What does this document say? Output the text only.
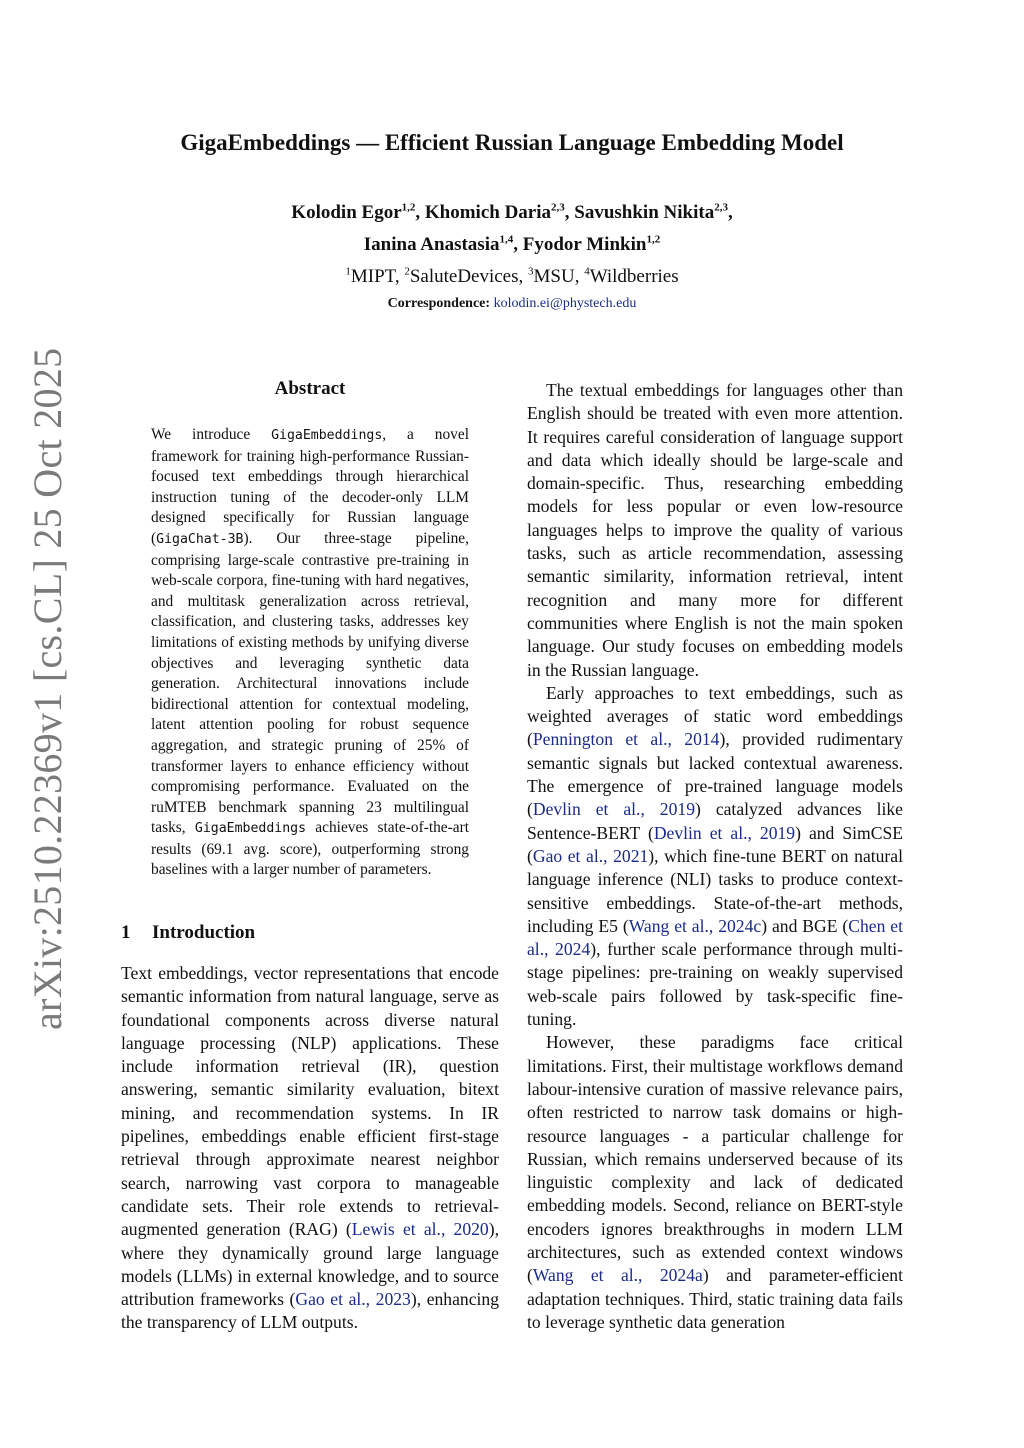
arXiv:2510.22369v1 [cs.CL] 25 Oct 2025
GigaEmbeddings — Efficient Russian Language Embedding Model
Kolodin Egor$^{1,2}$, Khomich Daria$^{2,3}$, Savushkin Nikita$^{2,3}$,
Ianina Anastasia$^{1,4}$, Fyodor Minkin$^{1,2}$
$^1$MIPT, $^2$SaluteDevices, $^3$MSU, $^4$Wildberries
Correspondence: kolodin.ei@phystech.edu
Abstract
We introduce GigaEmbeddings, a novel framework for training high-performance Russian-focused text embeddings through hierarchical instruction tuning of the decoder-only LLM designed specifically for Russian language (GigaChat-3B). Our three-stage pipeline, comprising large-scale contrastive pre-training in web-scale corpora, fine-tuning with hard negatives, and multitask generalization across retrieval, classification, and clustering tasks, addresses key limitations of existing methods by unifying diverse objectives and leveraging synthetic data generation. Architectural innovations include bidirectional attention for contextual modeling, latent attention pooling for robust sequence aggregation, and strategic pruning of 25% of transformer layers to enhance efficiency without compromising performance. Evaluated on the ruMTEB benchmark spanning 23 multilingual tasks, GigaEmbeddings achieves state-of-the-art results (69.1 avg. score), outperforming strong baselines with a larger number of parameters.
1 Introduction

Text embeddings, vector representations that encode semantic information from natural language, serve as foundational components across diverse natural language processing (NLP) applications. These include information retrieval (IR), question answering, semantic similarity evaluation, bitext mining, and recommendation systems. In IR pipelines, embeddings enable efficient first-stage retrieval through approximate nearest neighbor search, narrowing vast corpora to manageable candidate sets. Their role extends to retrieval-augmented generation (RAG) (Lewis et al., 2020), where they dynamically ground large language models (LLMs) in external knowledge, and to source attribution frameworks (Gao et al., 2023), enhancing the transparency of LLM outputs.

The textual embeddings for languages other than English should be treated with even more attention. It requires careful consideration of language support and data which ideally should be large-scale and domain-specific. Thus, researching embedding models for less popular or even low-resource languages helps to improve the quality of various tasks, such as article recommendation, assessing semantic similarity, information retrieval, intent recognition and many more for different communities where English is not the main spoken language. Our study focuses on embedding models in the Russian language.

Early approaches to text embeddings, such as weighted averages of static word embeddings (Pennington et al., 2014), provided rudimentary semantic signals but lacked contextual awareness. The emergence of pre-trained language models (Devlin et al., 2019) catalyzed advances like Sentence-BERT (Devlin et al., 2019) and SimCSE (Gao et al., 2021), which fine-tune BERT on natural language inference (NLI) tasks to produce context-sensitive embeddings. State-of-the-art methods, including E5 (Wang et al., 2024c) and BGE (Chen et al., 2024), further scale performance through multi-stage pipelines: pre-training on weakly supervised web-scale pairs followed by task-specific fine-tuning.

However, these paradigms face critical limitations. First, their multistage workflows demand labour-intensive curation of massive relevance pairs, often restricted to narrow task domains or high-resource languages - a particular challenge for Russian, which remains underserved because of its linguistic complexity and lack of dedicated embedding models. Second, reliance on BERT-style encoders ignores breakthroughs in modern LLM architectures, such as extended context windows (Wang et al., 2024a) and parameter-efficient adaptation techniques. Third, static training data fails to leverage synthetic data generation
